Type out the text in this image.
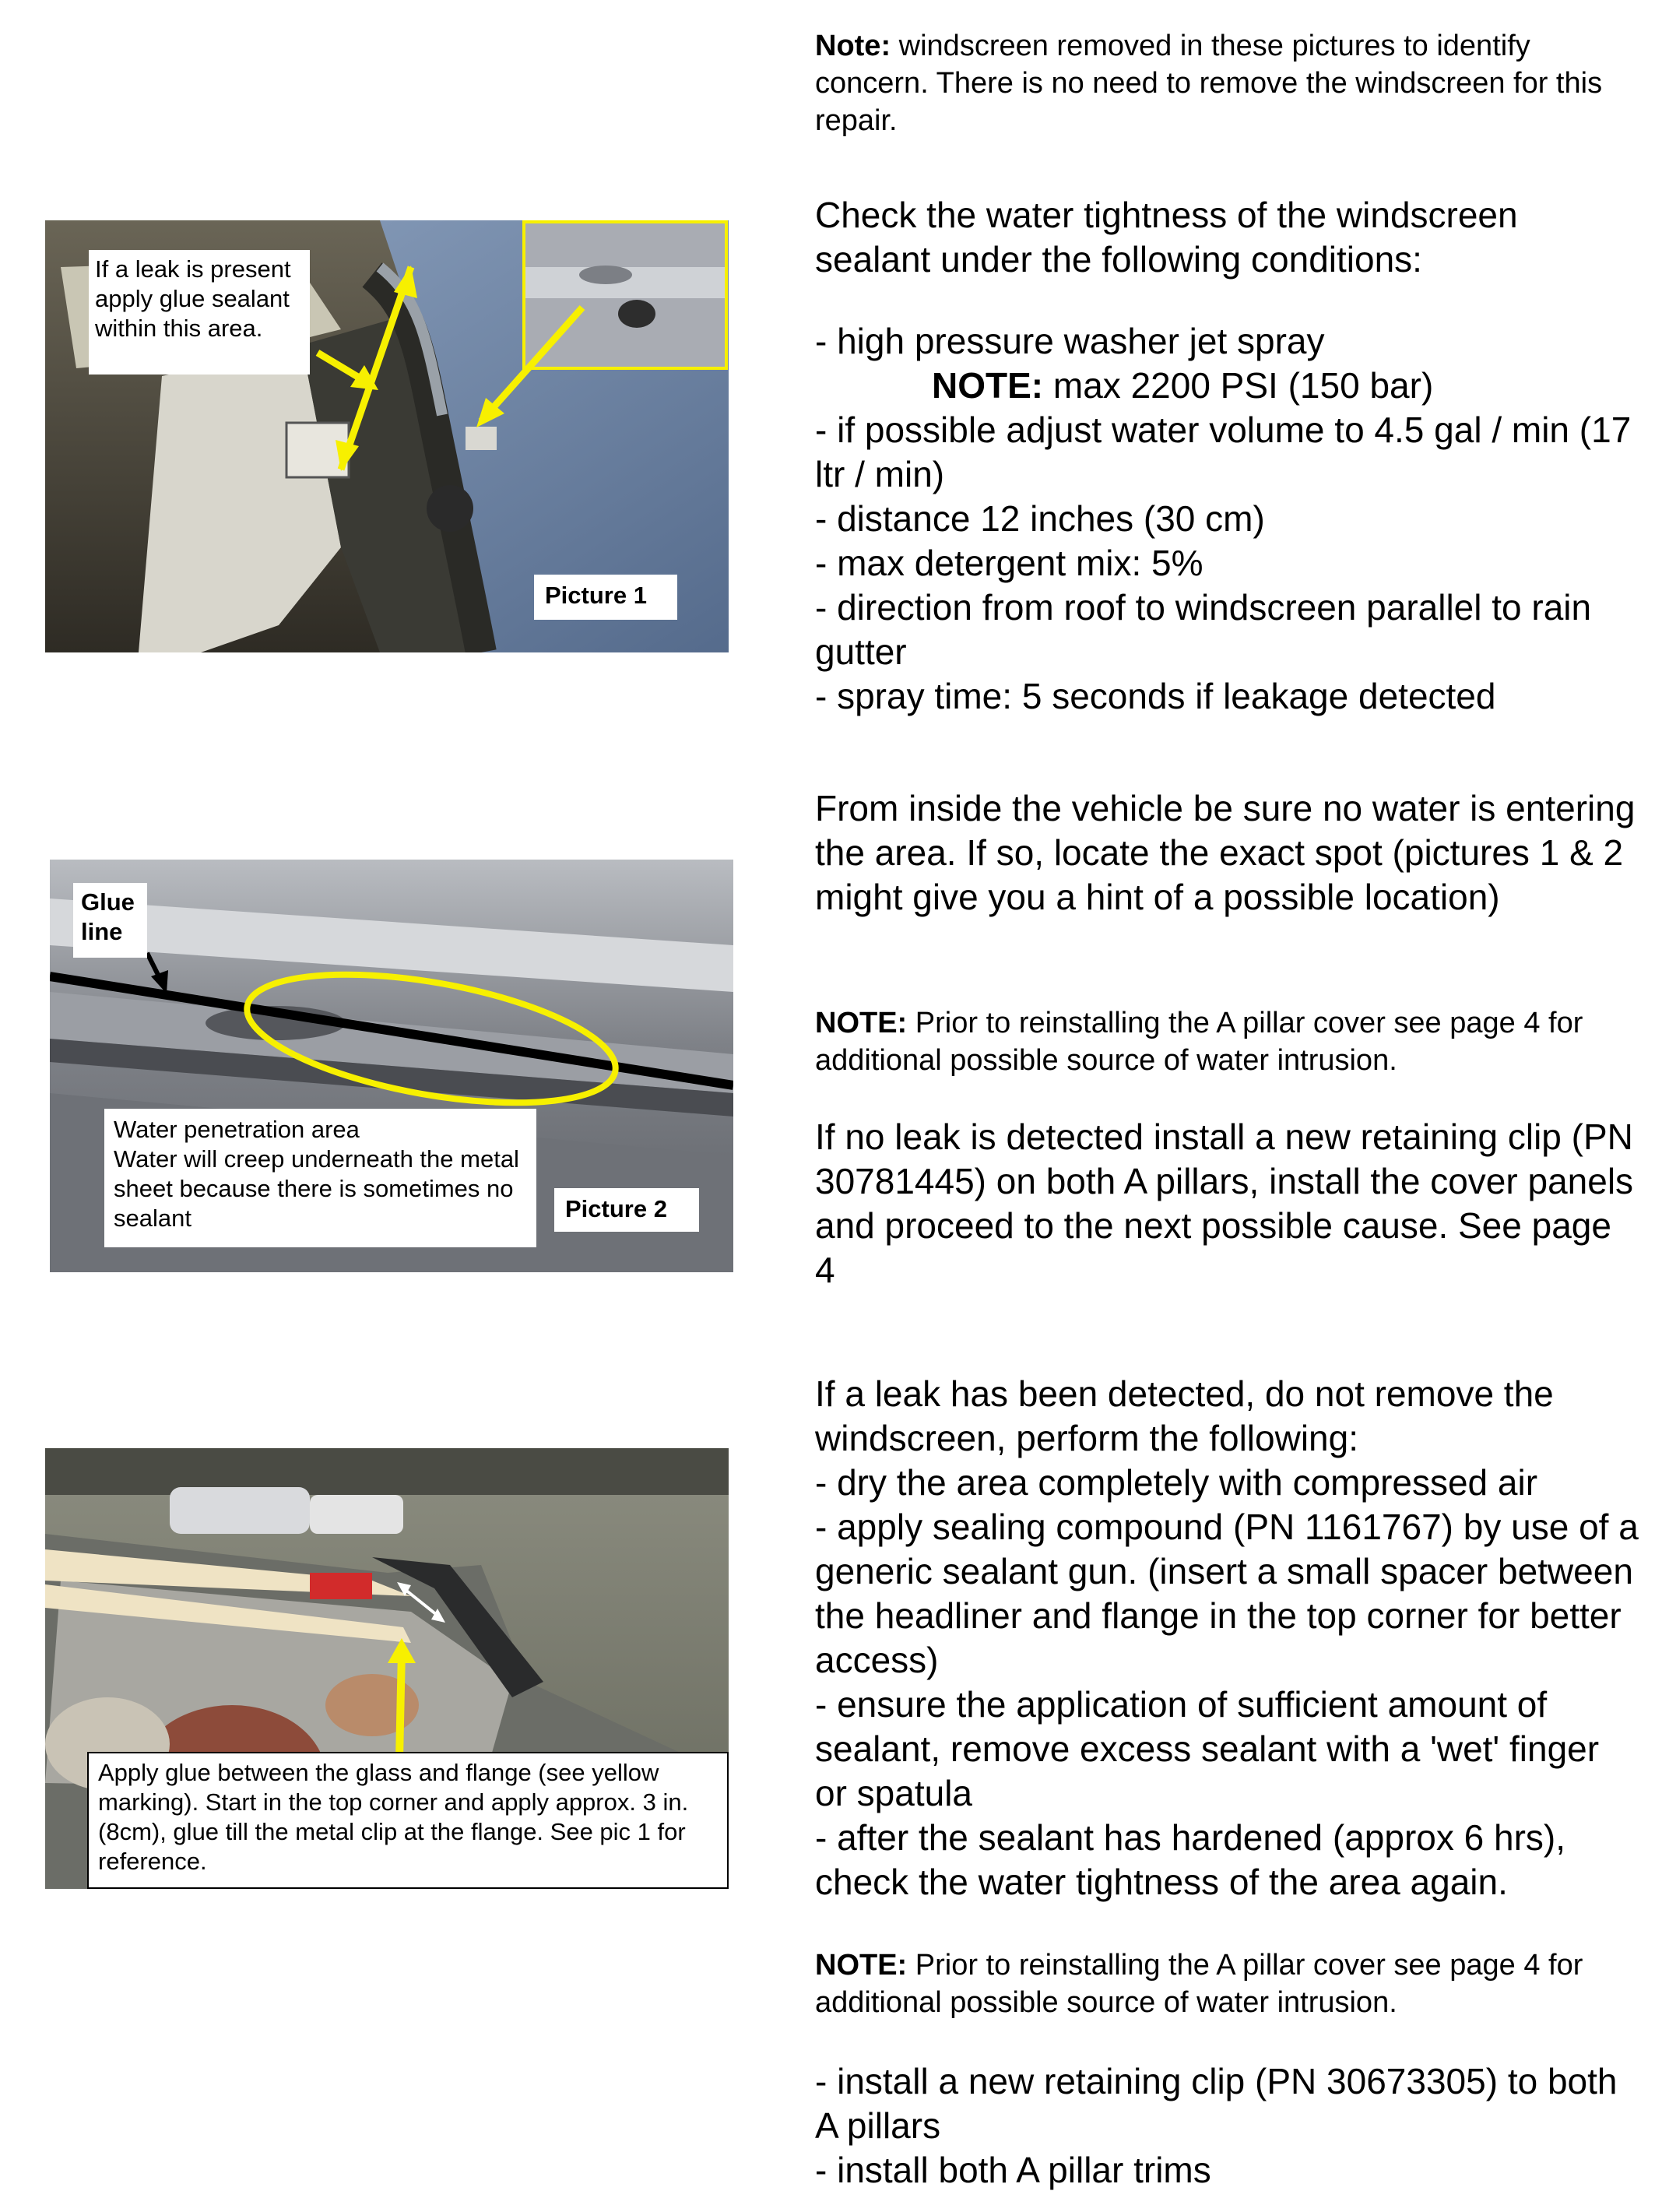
If a leak is present apply glue sealant within this area.
Picture 1
Glue line
Water penetration area
Water will creep underneath the metal sheet because there is sometimes no sealant	Picture 2
Apply glue between the glass and flange (see yellow marking). Start in the top corner and apply approx. 3 in. (8cm), glue till the metal clip at the flange. See pic 1 for reference.

Note: windscreen removed in these pictures to identify concern. There is no need to remove the windscreen for this repair.

Check the water tightness of the windscreen sealant under the following conditions:

- high pressure washer jet spray

NOTE: max 2200 PSI (150 bar)

- if possible adjust water volume to 4.5 gal / min (17 ltr / min)

- distance 12 inches (30 cm)

- max detergent mix: 5%

- direction from roof to windscreen parallel to rain gutter

- spray time: 5 seconds if leakage detected

From inside the vehicle be sure no water is entering the area. If so, locate the exact spot (pictures 1 & 2  might give you a hint of a possible location)

NOTE: Prior to reinstalling the A pillar cover see page 4 for additional possible source of water intrusion.

If no leak is detected install a new retaining clip (PN 30781445) on both A pillars, install the cover panels and proceed to the next possible cause. See page 4

If a leak has been detected, do not remove the windscreen, perform the following:

- dry the area completely with compressed air

- apply sealing compound (PN 1161767) by use of a generic sealant gun. (insert a small spacer between the headliner and flange in the top corner for better access)

- ensure the application of sufficient amount of sealant, remove excess sealant with a 'wet' finger or spatula

- after the sealant has hardened (approx 6 hrs), check the water tightness of the area again.

NOTE: Prior to reinstalling the A pillar cover see page 4 for additional possible source of water intrusion.

- install a new retaining clip (PN 30673305) to both A pillars

- install both A pillar trims
